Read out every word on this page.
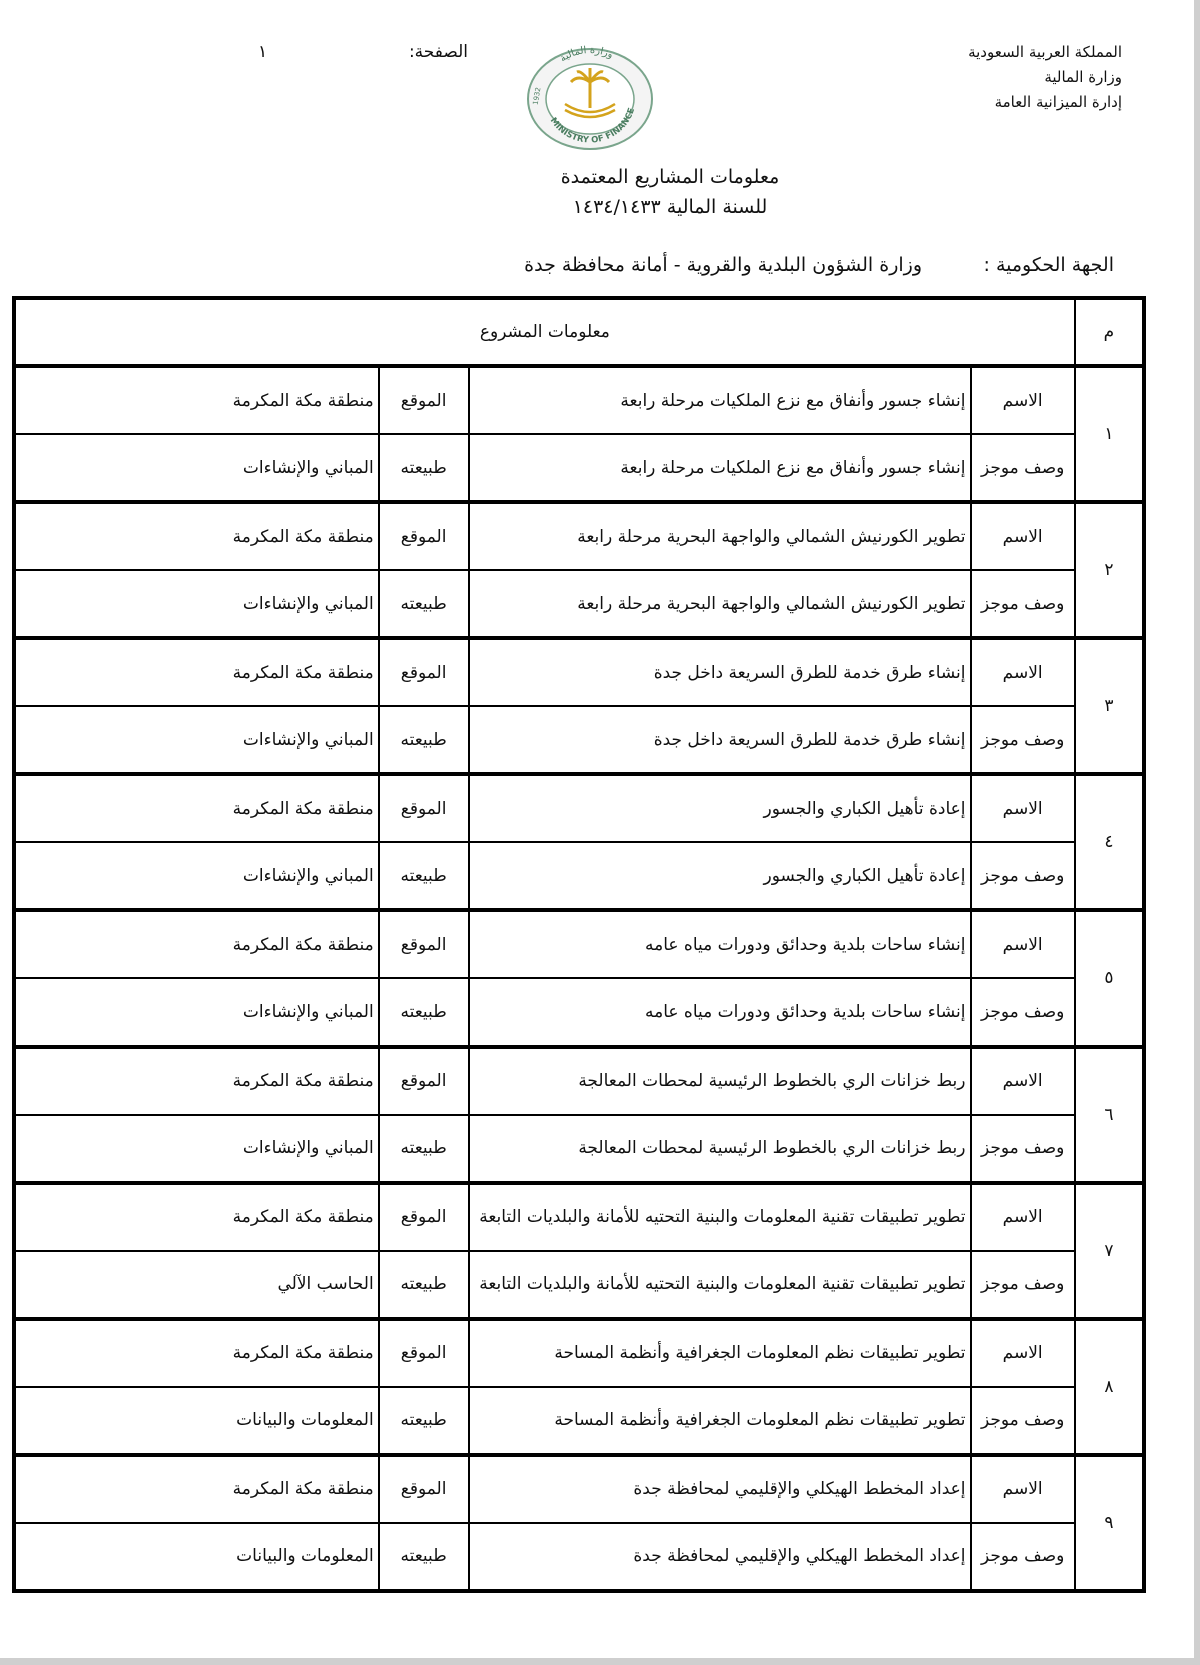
المملكة العربية السعودية
وزارة المالية
إدارة الميزانية العامة
الصفحة:
١	وزارة المالية
MINISTRY OF FINANCE
1932
معلومات المشاريع المعتمدة
للسنة المالية ١٤٣٤/١٤٣٣
الجهة الحكومية :وزارة الشؤون البلدية والقروية - أمانة محافظة جدة
م	معلومات المشروع			
١	الاسم	إنشاء جسور وأنفاق مع نزع الملكيات مرحلة رابعة	الموقع	منطقة مكة المكرمة
	وصف موجز	إنشاء جسور وأنفاق مع نزع الملكيات مرحلة رابعة	طبيعته	المباني والإنشاءات
٢	الاسم	تطوير الكورنيش الشمالي والواجهة البحرية مرحلة رابعة	الموقع	منطقة مكة المكرمة
	وصف موجز	تطوير الكورنيش الشمالي والواجهة البحرية مرحلة رابعة	طبيعته	المباني والإنشاءات
٣	الاسم	إنشاء طرق خدمة للطرق السريعة داخل جدة	الموقع	منطقة مكة المكرمة
	وصف موجز	إنشاء طرق خدمة للطرق السريعة داخل جدة	طبيعته	المباني والإنشاءات
٤	الاسم	إعادة تأهيل الكباري والجسور	الموقع	منطقة مكة المكرمة
	وصف موجز	إعادة تأهيل الكباري والجسور	طبيعته	المباني والإنشاءات
٥	الاسم	إنشاء ساحات بلدية وحدائق ودورات مياه عامه	الموقع	منطقة مكة المكرمة
	وصف موجز	إنشاء ساحات بلدية وحدائق ودورات مياه عامه	طبيعته	المباني والإنشاءات
٦	الاسم	ربط خزانات الري بالخطوط الرئيسية لمحطات المعالجة	الموقع	منطقة مكة المكرمة
	وصف موجز	ربط خزانات الري بالخطوط الرئيسية لمحطات المعالجة	طبيعته	المباني والإنشاءات
٧	الاسم	تطوير تطبيقات تقنية المعلومات والبنية التحتيه للأمانة والبلديات التابعة	الموقع	منطقة مكة المكرمة
	وصف موجز	تطوير تطبيقات تقنية المعلومات والبنية التحتيه للأمانة والبلديات التابعة	طبيعته	الحاسب الآلي
٨	الاسم	تطوير تطبيقات نظم المعلومات الجغرافية وأنظمة المساحة	الموقع	منطقة مكة المكرمة
	وصف موجز	تطوير تطبيقات نظم المعلومات الجغرافية وأنظمة المساحة	طبيعته	المعلومات والبيانات
٩	الاسم	إعداد المخطط الهيكلي والإقليمي لمحافظة جدة	الموقع	منطقة مكة المكرمة
	وصف موجز	إعداد المخطط الهيكلي والإقليمي لمحافظة جدة	طبيعته	المعلومات والبيانات
